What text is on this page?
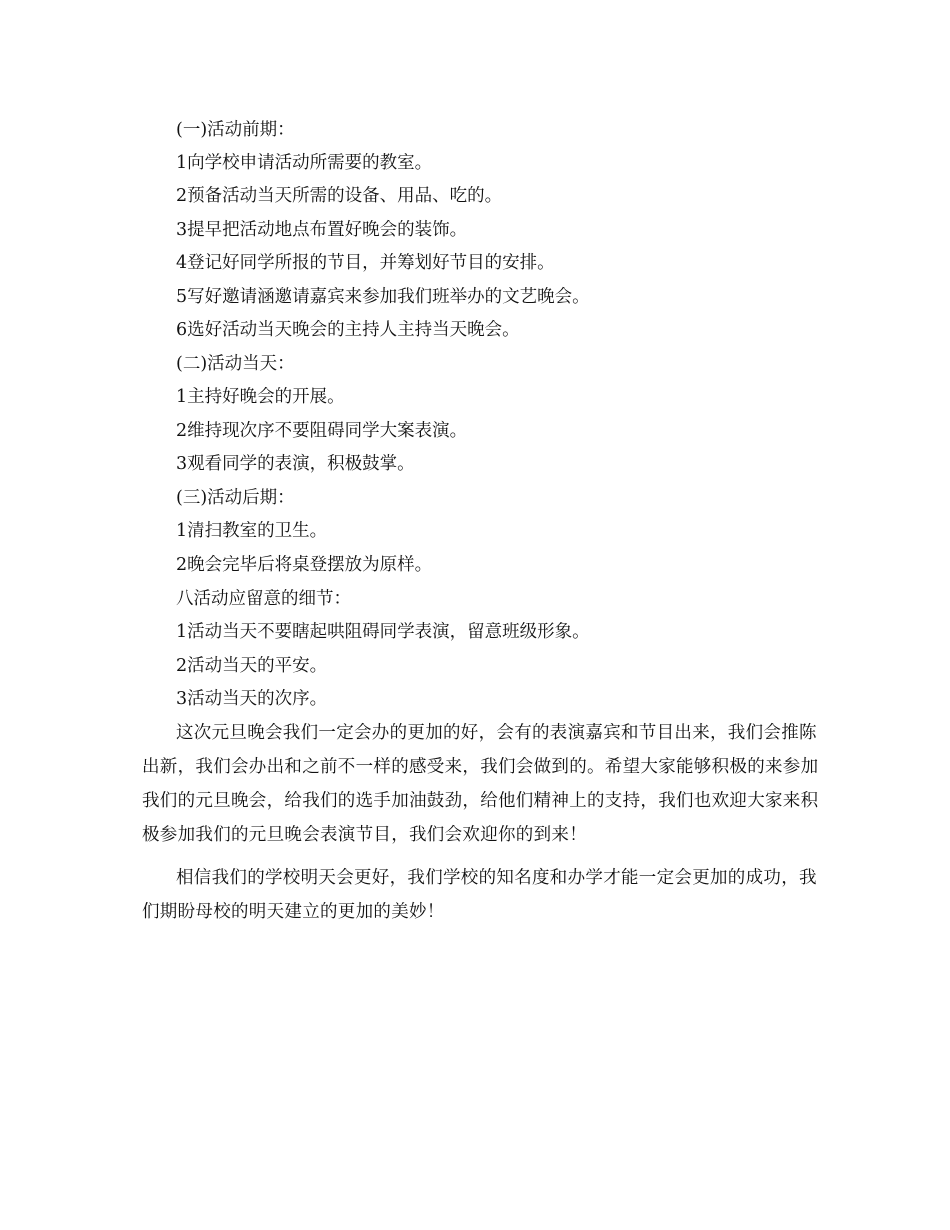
(一)活动前期：
1向学校申请活动所需要的教室。
2预备活动当天所需的设备、用品、吃的。
3提早把活动地点布置好晚会的装饰。
4登记好同学所报的节目，并筹划好节目的安排。
5写好邀请涵邀请嘉宾来参加我们班举办的文艺晚会。
6选好活动当天晚会的主持人主持当天晚会。
(二)活动当天：
1主持好晚会的开展。
2维持现次序不要阻碍同学大案表演。
3观看同学的表演，积极鼓掌。
(三)活动后期：
1清扫教室的卫生。
2晚会完毕后将桌登摆放为原样。
八活动应留意的细节：
1活动当天不要瞎起哄阻碍同学表演，留意班级形象。
2活动当天的平安。
3活动当天的次序。

这次元旦晚会我们一定会办的更加的好，会有的表演嘉宾和节目出来，我们会推陈出新，我们会办出和之前不一样的感受来，我们会做到的。希望大家能够积极的来参加我们的元旦晚会，给我们的选手加油鼓劲，给他们精神上的支持，我们也欢迎大家来积极参加我们的元旦晚会表演节目，我们会欢迎你的到来！

相信我们的学校明天会更好，我们学校的知名度和办学才能一定会更加的成功，我们期盼母校的明天建立的更加的美妙！
